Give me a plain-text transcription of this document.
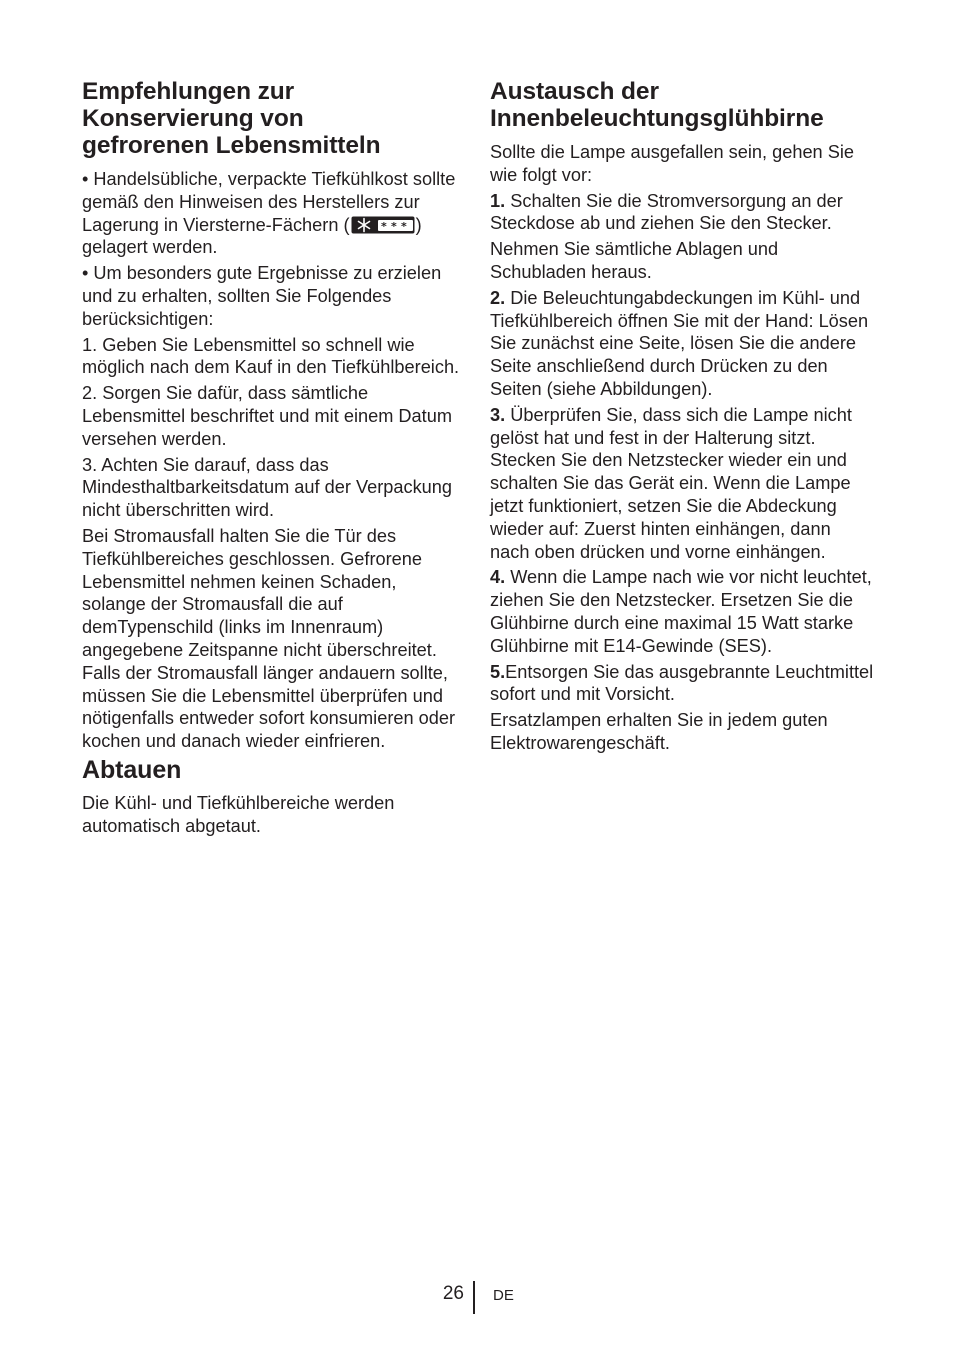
Empfehlungen zur
Konservierung von
gefrorenen Lebensmitteln

• Handelsübliche, verpackte Tiefkühlkost sollte gemäß den Hinweisen des Herstellers zur Lagerung in Viersterne-Fächern (	* * * ) gelagert werden.

• Um besonders gute Ergebnisse zu erzielen und zu erhalten, sollten Sie Folgendes berücksichtigen:

1. Geben Sie Lebensmittel so schnell wie möglich nach dem Kauf in den Tiefkühlbereich.

2. Sorgen Sie dafür, dass sämtliche Lebensmittel beschriftet und mit einem Datum versehen werden.

3. Achten Sie darauf, dass das Mindesthaltbarkeitsdatum auf der Verpackung nicht überschritten wird.

Bei Stromausfall halten Sie die Tür des Tiefkühlbereiches geschlossen. Gefrorene Lebensmittel nehmen keinen Schaden, solange der Stromausfall die auf demTypenschild (links im Innenraum) angegebene Zeitspanne nicht überschreitet. Falls der Stromausfall länger andauern sollte, müssen Sie die Lebensmittel überprüfen und nötigenfalls entweder sofort konsumieren oder kochen und danach wieder einfrieren.

Abtauen

Die Kühl- und Tiefkühlbereiche werden automatisch abgetaut.

Austausch der
Innenbeleuchtungsglühbirne

Sollte die Lampe ausgefallen sein, gehen Sie wie folgt vor:

1. Schalten Sie die Stromversorgung an der Steckdose ab und ziehen Sie den Stecker.

Nehmen Sie sämtliche Ablagen und Schubladen heraus.

2. Die Beleuchtungabdeckungen im Kühl- und Tiefkühlbereich öffnen Sie mit der Hand: Lösen Sie zunächst eine Seite, lösen Sie die andere Seite anschließend durch Drücken zu den Seiten (siehe Abbildungen).

3. Überprüfen Sie, dass sich die Lampe nicht gelöst hat und fest in der Halterung sitzt. Stecken Sie den Netzstecker wieder ein und schalten Sie das Gerät ein. Wenn die Lampe jetzt funktioniert, setzen Sie die Abdeckung wieder auf: Zuerst hinten einhängen, dann nach oben drücken und vorne einhängen.

4. Wenn die Lampe nach wie vor nicht leuchtet, ziehen Sie den Netzstecker. Ersetzen Sie die Glühbirne durch eine maximal 15 Watt starke Glühbirne mit E14-Gewinde (SES).

5.Entsorgen Sie das ausgebrannte Leuchtmittel sofort und mit Vorsicht.

Ersatzlampen erhalten Sie in jedem guten Elektrowarengeschäft.

26 DE
